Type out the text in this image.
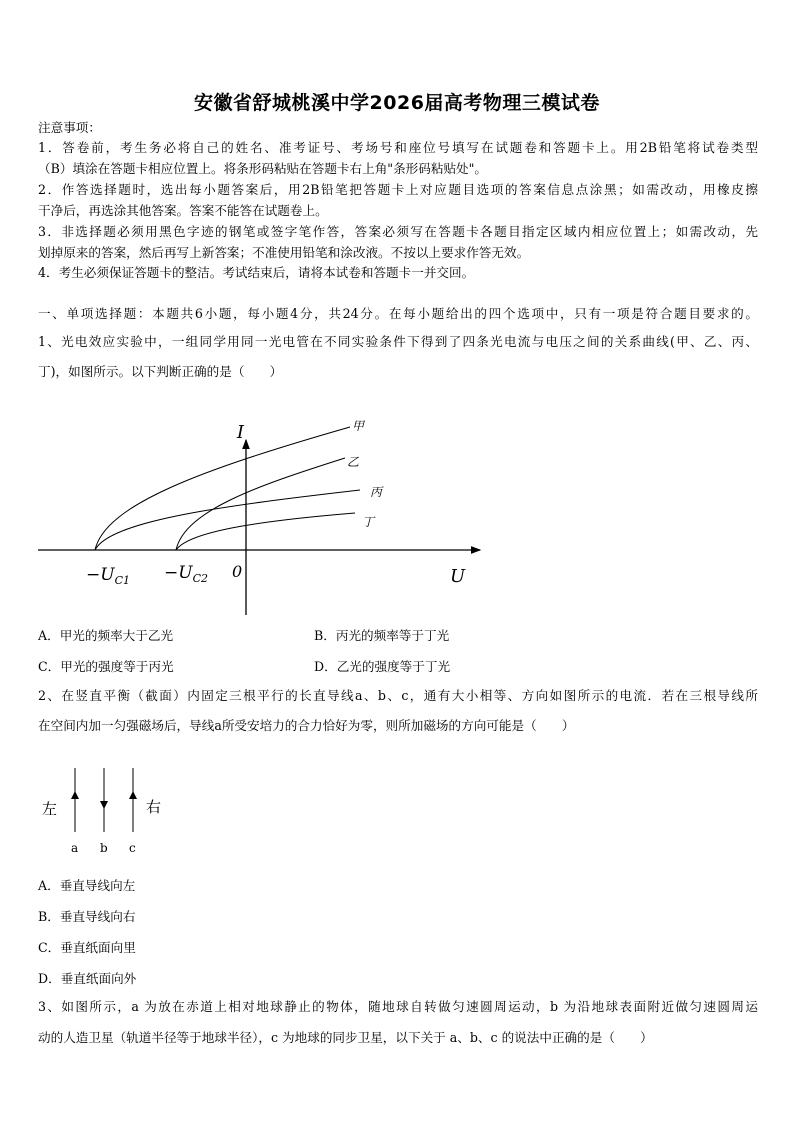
安徽省舒城桃溪中学2026届高考物理三模试卷
注意事项：
1．答卷前，考生务必将自己的姓名、准考证号、考场号和座位号填写在试题卷和答题卡上。用2B铅笔将试卷类型
（B）填涂在答题卡相应位置上。将条形码粘贴在答题卡右上角"条形码粘贴处"。
2．作答选择题时，选出每小题答案后，用2B铅笔把答题卡上对应题目选项的答案信息点涂黑；如需改动，用橡皮擦
干净后，再选涂其他答案。答案不能答在试题卷上。
3．非选择题必须用黑色字迹的钢笔或签字笔作答，答案必须写在答题卡各题目指定区域内相应位置上；如需改动，先
划掉原来的答案，然后再写上新答案；不准使用铅笔和涂改液。不按以上要求作答无效。
4．考生必须保证答题卡的整洁。考试结束后，请将本试卷和答题卡一并交回。
一、单项选择题：本题共6小题，每小题4分，共24分。在每小题给出的四个选项中，只有一项是符合题目要求的。
1、光电效应实验中，一组同学用同一光电管在不同实验条件下得到了四条光电流与电压之间的关系曲线(甲、乙、丙、
丁)，如图所示。以下判断正确的是（　　）
I
U
0
甲
乙
丙
丁
$-U_{C1} -U_{C2}$
A．甲光的频率大于乙光	B．丙光的频率等于丁光
C．甲光的强度等于丙光	D．乙光的强度等于丁光
2、在竖直平衡（截面）内固定三根平行的长直导线a、b、c，通有大小相等、方向如图所示的电流．若在三根导线所
在空间内加一匀强磁场后，导线a所受安培力的合力恰好为零，则所加磁场的方向可能是（　　）
左	右
a b c
A．垂直导线向左
B．垂直导线向右
C．垂直纸面向里
D．垂直纸面向外
3、如图所示，a 为放在赤道上相对地球静止的物体，随地球自转做匀速圆周运动，b 为沿地球表面附近做匀速圆周运
动的人造卫星（轨道半径等于地球半径），c 为地球的同步卫星，以下关于 a、b、c 的说法中正确的是（　　）
